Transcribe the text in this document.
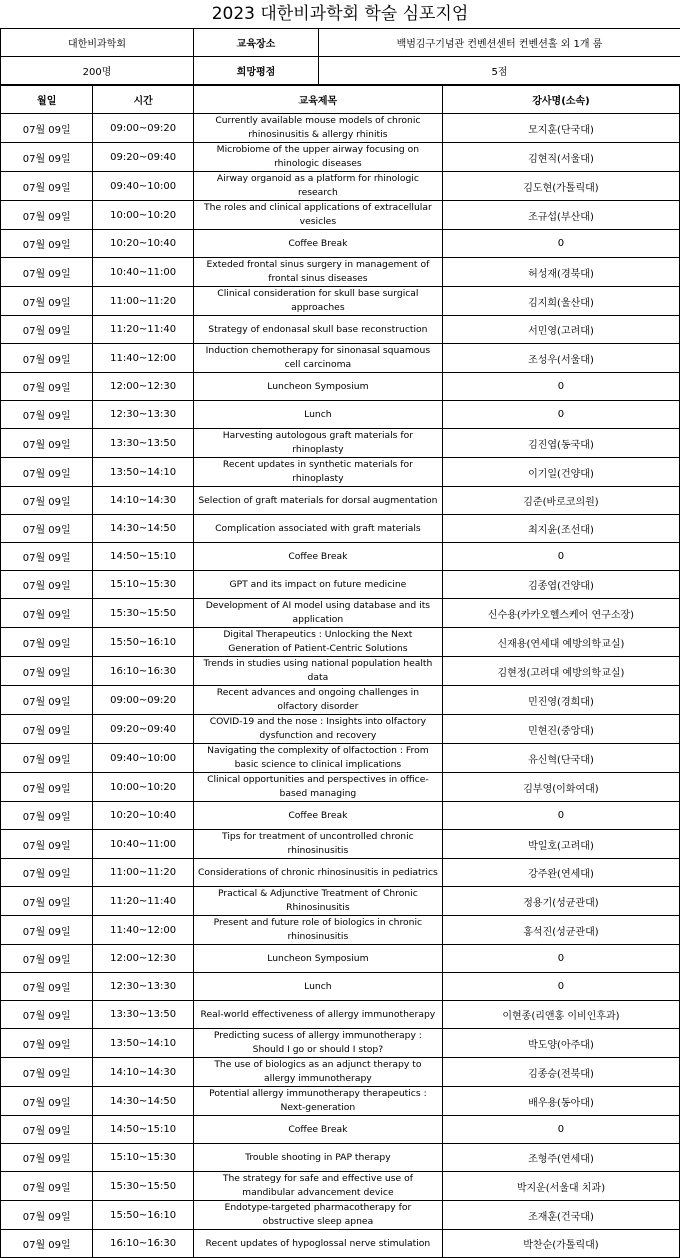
2023 대한비과학회 학술 심포지엄
대한비과학회	교육장소	백범김구기념관 컨벤션센터 컨벤션홀 외 1개 룸
200명	희망평점	5점
월일	시간	교육제목	강사명(소속)
07월 09일	09:00~09:20	Currently available mouse models of chronic rhinosinusitis & allergy rhinitis	모지훈(단국대)
07월 09일	09:20~09:40	Microbiome of the upper airway focusing on rhinologic diseases	김현직(서울대)
07월 09일	09:40~10:00	Airway organoid as a platform for rhinologic research	김도현(가톨릭대)
07월 09일	10:00~10:20	The roles and clinical applications of extracellular vesicles	조규섭(부산대)
07월 09일	10:20~10:40	Coffee Break	0
07월 09일	10:40~11:00	Exteded frontal sinus surgery in management of frontal sinus diseases	허성재(경북대)
07월 09일	11:00~11:20	Clinical consideration for skull base surgical approaches	김지희(울산대)
07월 09일	11:20~11:40	Strategy of endonasal skull base reconstruction	서민영(고려대)
07월 09일	11:40~12:00	Induction chemotherapy for sinonasal squamous cell carcinoma	조성우(서울대)
07월 09일	12:00~12:30	Luncheon Symposium	0
07월 09일	12:30~13:30	Lunch	0
07월 09일	13:30~13:50	Harvesting autologous graft materials for rhinoplasty	김진엽(동국대)
07월 09일	13:50~14:10	Recent updates in synthetic materials for rhinoplasty	이기일(건양대)
07월 09일	14:10~14:30	Selection of graft materials for dorsal augmentation	김준(바로코의원)
07월 09일	14:30~14:50	Complication associated with graft materials	최지윤(조선대)
07월 09일	14:50~15:10	Coffee Break	0
07월 09일	15:10~15:30	GPT and its impact on future medicine	김종엽(건양대)
07월 09일	15:30~15:50	Development of AI model using database and its application	신수용(카카오헬스케어 연구소장)
07월 09일	15:50~16:10	Digital Therapeutics : Unlocking the Next Generation of Patient-Centric Solutions	신재용(연세대 예방의학교실)
07월 09일	16:10~16:30	Trends in studies using national population health data	김현정(고려대 예방의학교실)
07월 09일	09:00~09:20	Recent advances and ongoing challenges in olfactory disorder	민진영(경희대)
07월 09일	09:20~09:40	COVID-19 and the nose : Insights into olfactory dysfunction and recovery	민현진(중앙대)
07월 09일	09:40~10:00	Navigating the complexity of olfactoction : From basic science to clinical implications	유신혁(단국대)
07월 09일	10:00~10:20	Clinical opportunities and perspectives in office-based managing	김부영(이화여대)
07월 09일	10:20~10:40	Coffee Break	0
07월 09일	10:40~11:00	Tips for treatment of uncontrolled chronic rhinosinusitis	박일호(고려대)
07월 09일	11:00~11:20	Considerations of chronic rhinosinusitis in pediatrics	강주완(연세대)
07월 09일	11:20~11:40	Practical & Adjunctive Treatment of Chronic Rhinosinusitis	정용기(성균관대)
07월 09일	11:40~12:00	Present and future role of biologics in chronic rhinosinusitis	홍석진(성균관대)
07월 09일	12:00~12:30	Luncheon Symposium	0
07월 09일	12:30~13:30	Lunch	0
07월 09일	13:30~13:50	Real-world effectiveness of allergy immunotherapy	이현종(리앤홍 이비인후과)
07월 09일	13:50~14:10	Predicting sucess of allergy immunotherapy : Should I go or should I stop?	박도양(아주대)
07월 09일	14:10~14:30	The use of biologics as an adjunct therapy to allergy immunotherapy	김종승(전북대)
07월 09일	14:30~14:50	Potential allergy immunotherapy therapeutics : Next-generation	배우용(동아대)
07월 09일	14:50~15:10	Coffee Break	0
07월 09일	15:10~15:30	Trouble shooting in PAP therapy	조형주(연세대)
07월 09일	15:30~15:50	The strategy for safe and effective use of mandibular advancement device	박지운(서울대 치과)
07월 09일	15:50~16:10	Endotype-targeted pharmacotherapy for obstructive sleep apnea	조재훈(건국대)
07월 09일	16:10~16:30	Recent updates of hypoglossal nerve stimulation	박찬순(가톨릭대)
